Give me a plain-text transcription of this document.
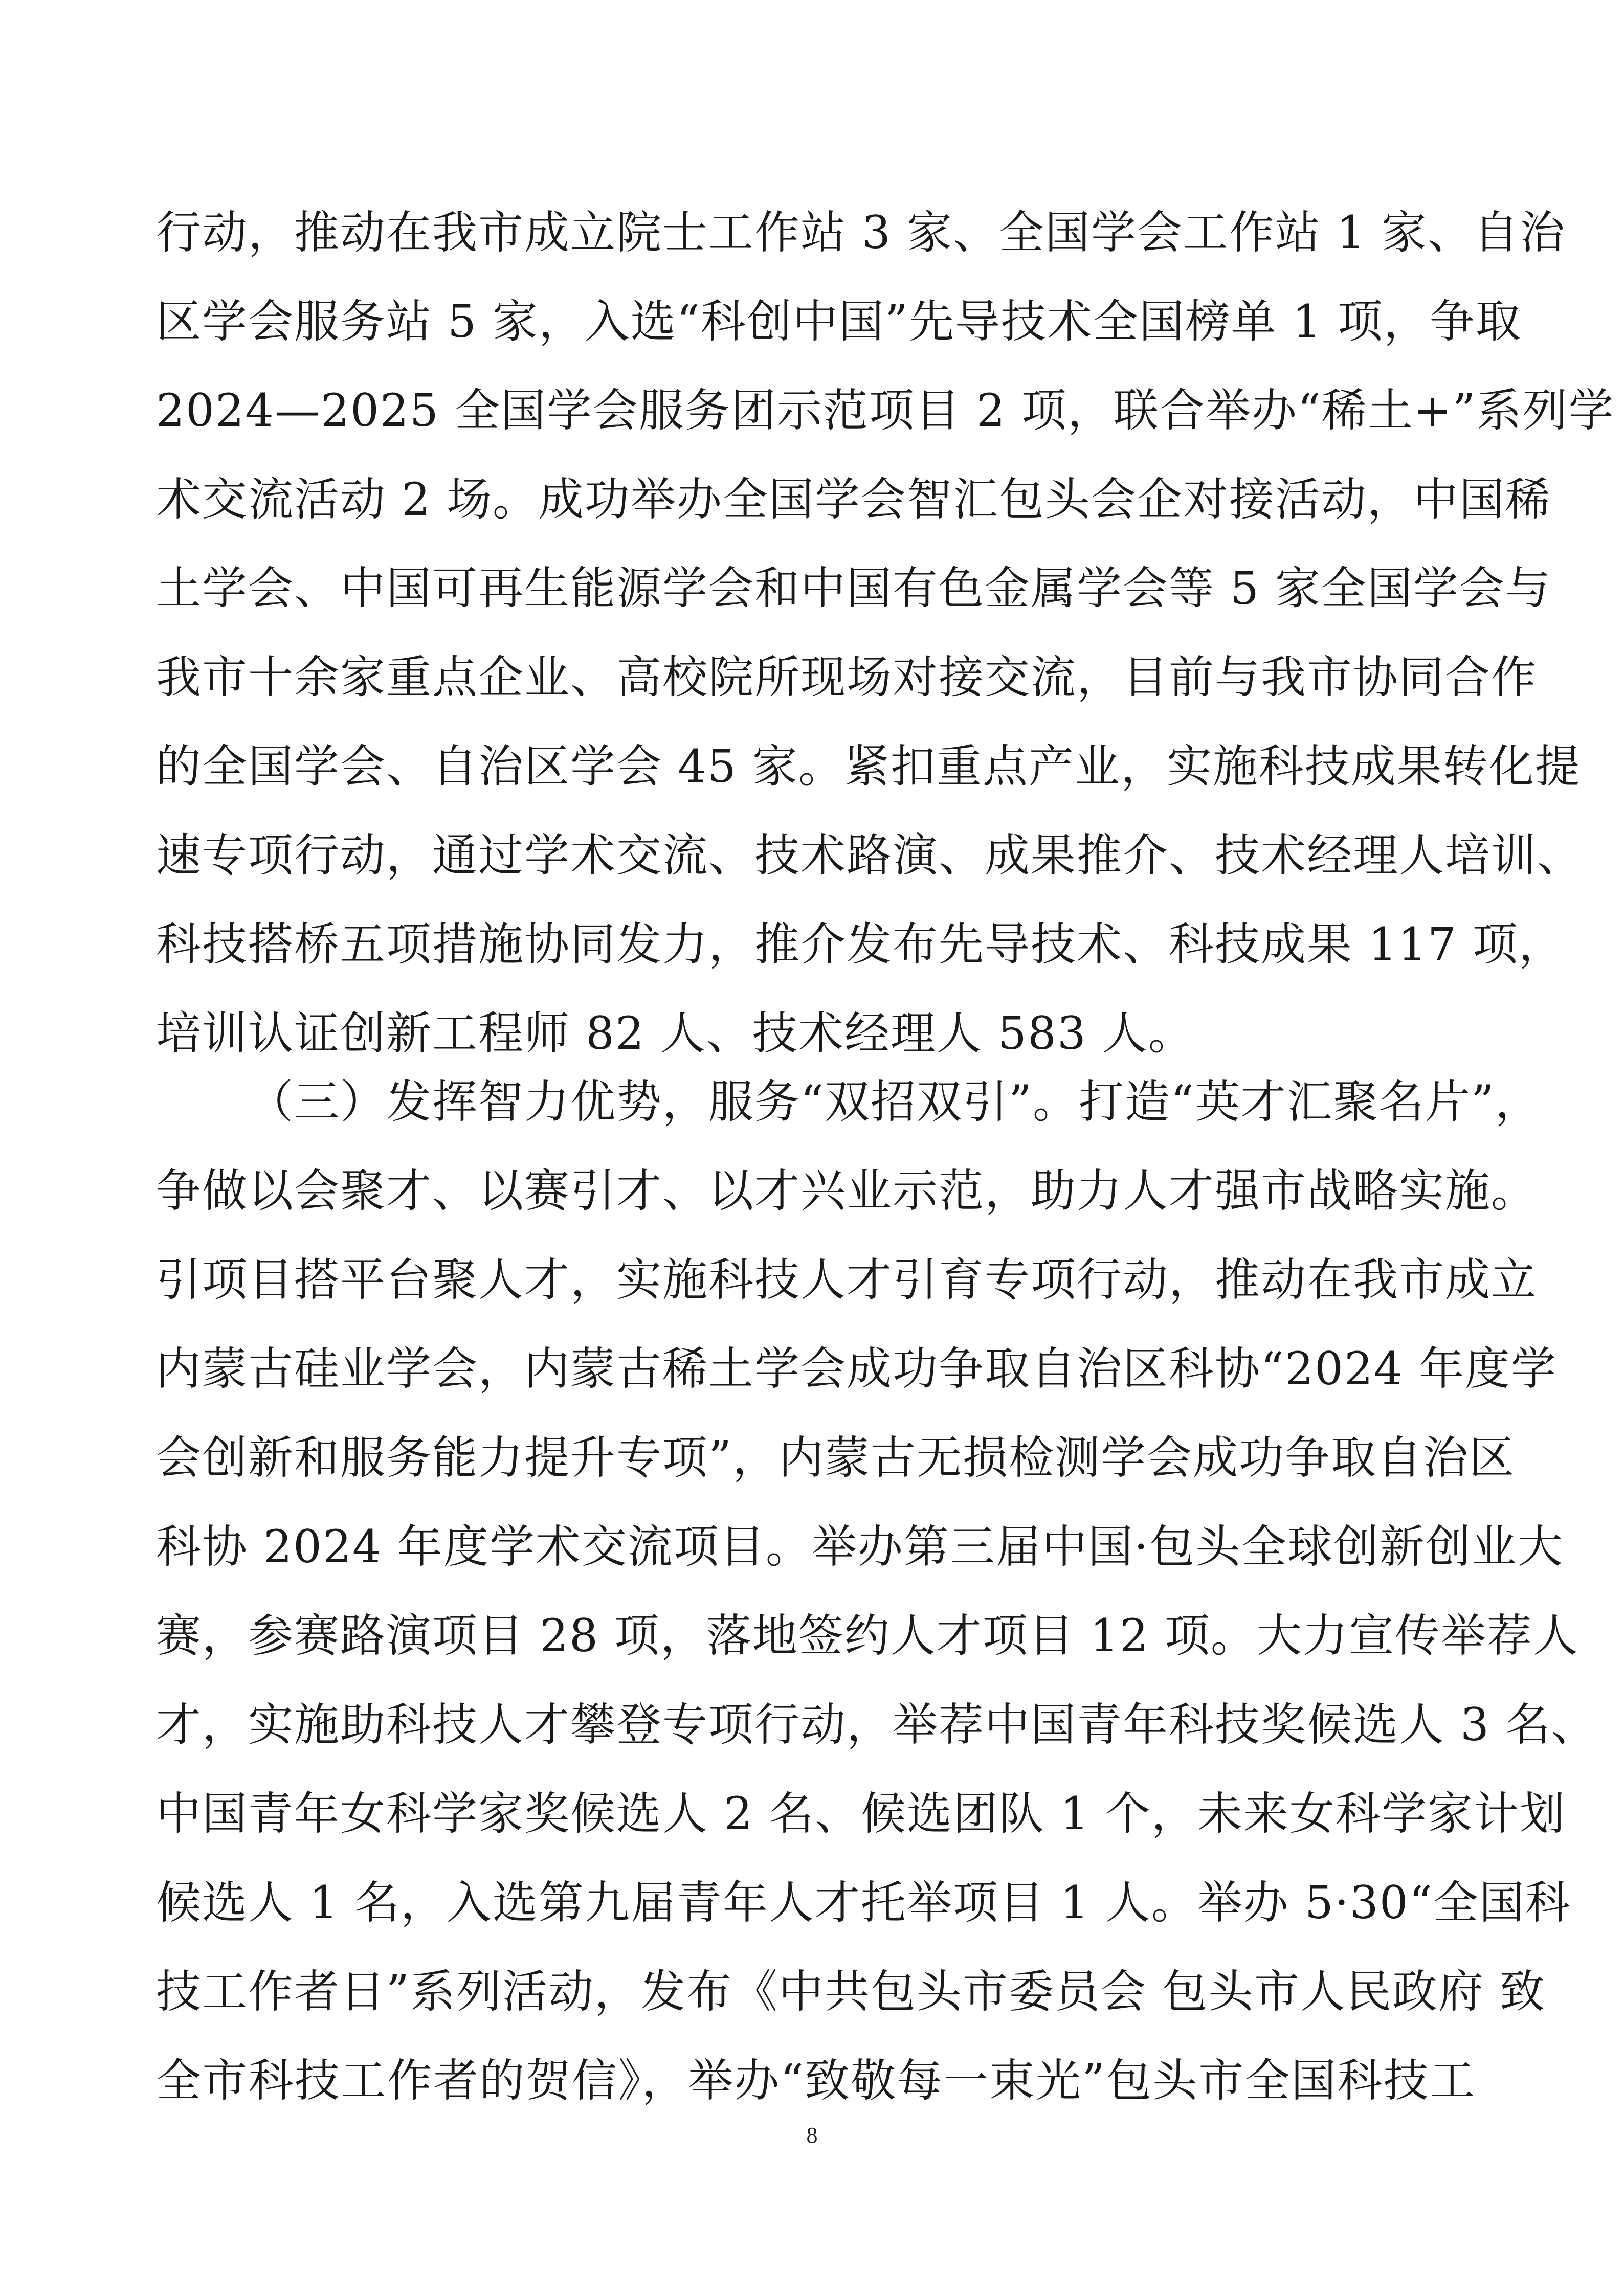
行动，推动在我市成立院士工作站 3 家、全国学会工作站 1 家、自治
区学会服务站 5 家，入选“科创中国”先导技术全国榜单 1 项，争取
2024—2025 全国学会服务团示范项目 2 项，联合举办“稀土+”系列学
术交流活动 2 场。成功举办全国学会智汇包头会企对接活动，中国稀
土学会、中国可再生能源学会和中国有色金属学会等 5 家全国学会与
我市十余家重点企业、高校院所现场对接交流，目前与我市协同合作
的全国学会、自治区学会 45 家。紧扣重点产业，实施科技成果转化提
速专项行动，通过学术交流、技术路演、成果推介、技术经理人培训、
科技搭桥五项措施协同发力，推介发布先导技术、科技成果 117 项，
培训认证创新工程师 82 人、技术经理人 583 人。
（三）发挥智力优势，服务“双招双引”。打造“英才汇聚名片”，
争做以会聚才、以赛引才、以才兴业示范，助力人才强市战略实施。
引项目搭平台聚人才，实施科技人才引育专项行动，推动在我市成立
内蒙古硅业学会，内蒙古稀土学会成功争取自治区科协“2024 年度学
会创新和服务能力提升专项”，内蒙古无损检测学会成功争取自治区
科协 2024 年度学术交流项目。举办第三届中国·包头全球创新创业大
赛，参赛路演项目 28 项，落地签约人才项目 12 项。大力宣传举荐人
才，实施助科技人才攀登专项行动，举荐中国青年科技奖候选人 3 名、
中国青年女科学家奖候选人 2 名、候选团队 1 个，未来女科学家计划
候选人 1 名，入选第九届青年人才托举项目 1 人。举办 5·30“全国科
技工作者日”系列活动，发布《中共包头市委员会 包头市人民政府 致
全市科技工作者的贺信》，举办“致敬每一束光”包头市全国科技工
8
